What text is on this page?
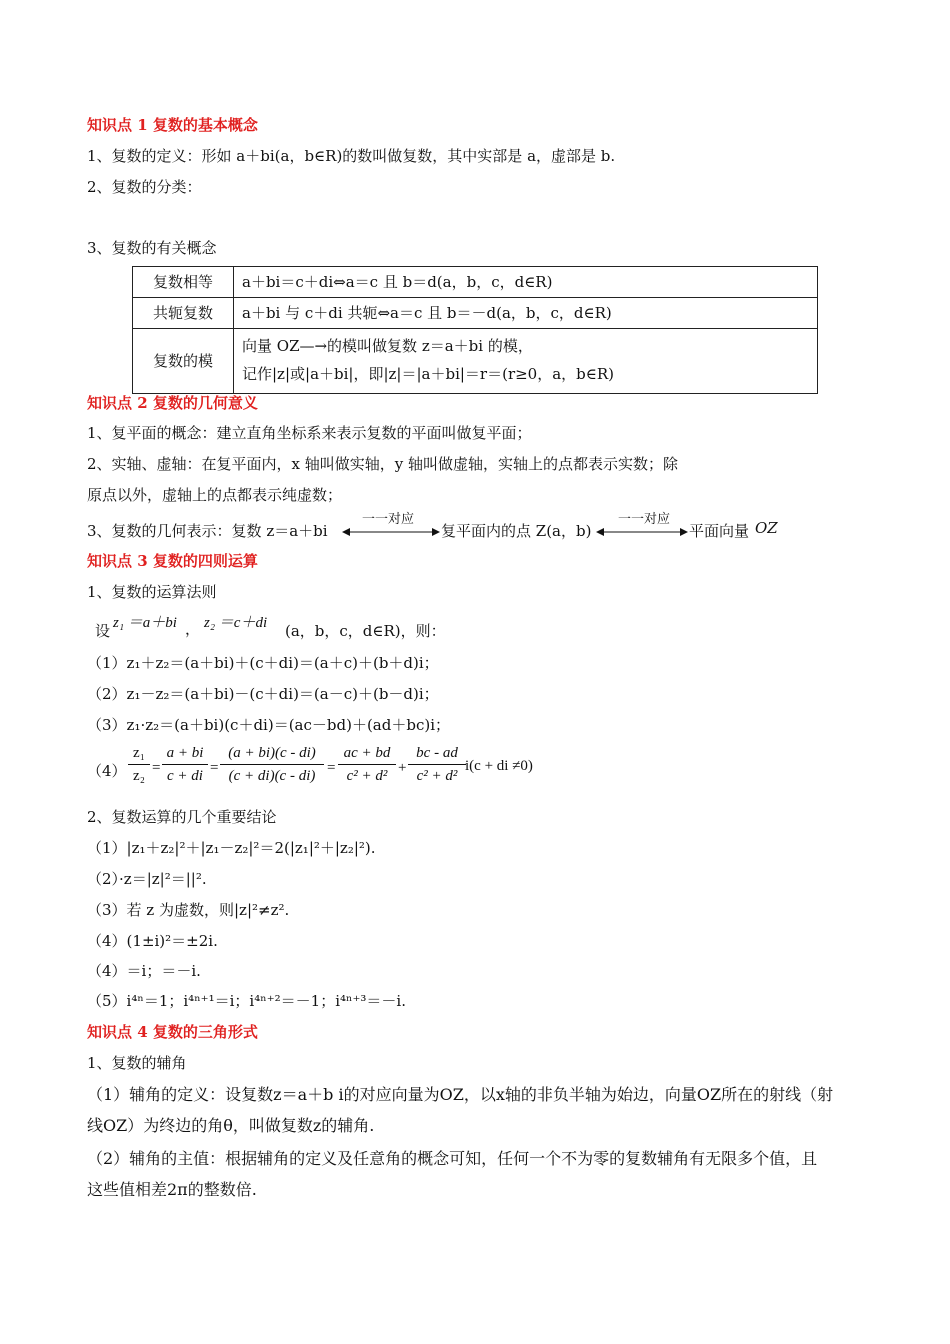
知识点 1 复数的基本概念
1、复数的定义：形如 a＋bi(a，b∈R)的数叫做复数，其中实部是 a，虚部是 b.
2、复数的分类：
3、复数的有关概念
复数相等	a＋bi＝c＋di⇔a＝c 且 b＝d(a，b，c，d∈R)
共轭复数	a＋bi 与 c＋di 共轭⇔a＝c 且 b＝－d(a，b，c，d∈R)
复数的模	向量 OZ—→的模叫做复数 z＝a＋bi 的模，
记作|z|或|a＋bi|，即|z|＝|a＋bi|＝r＝(r≥0，a，b∈R)
知识点 2 复数的几何意义
1、复平面的概念：建立直角坐标系来表示复数的平面叫做复平面；
2、实轴、虚轴：在复平面内，x 轴叫做实轴，y 轴叫做虚轴，实轴上的点都表示实数；除
原点以外，虚轴上的点都表示纯虚数；
3、复数的几何表示：复数 z＝a＋bi
一一对应
复平面内的点 Z(a，b)
一一对应
平面向量 OZ
知识点 3 复数的四则运算
1、复数的运算法则
设 z₁ ＝a＋bi ， z₂ ＝c＋di (a，b，c，d∈R)，则：
（1）z₁＋z₂＝(a＋bi)＋(c＋di)＝(a＋c)＋(b＋d)i；
（2）z₁－z₂＝(a＋bi)－(c＋di)＝(a－c)＋(b－d)i；
（3）z₁·z₂＝(a＋bi)(c＋di)＝(ac－bd)＋(ad＋bc)i；
（4）
z₁
z₂ =
a + bi
c + di =
(a + bi)(c - di)
(c + di)(c - di) =
ac + bd
c² + d² +
bc - ad
c² + d²
i(c + di ≠0)
2、复数运算的几个重要结论
（1）|z₁＋z₂|²＋|z₁－z₂|²＝2(|z₁|²＋|z₂|²).
（2）·z＝|z|²＝||².
（3）若 z 为虚数，则|z|²≠z².
（4）(1±i)²＝±2i.
（4）＝i；＝－i.
（5）i⁴ⁿ＝1；i⁴ⁿ⁺¹＝i；i⁴ⁿ⁺²＝－1；i⁴ⁿ⁺³＝－i.
知识点 4 复数的三角形式
1、复数的辅角
（1）辅角的定义：设复数z＝a＋b i的对应向量为OZ，以x轴的非负半轴为始边，向量OZ所在的射线（射
线OZ）为终边的角θ，叫做复数z的辅角.
（2）辅角的主值：根据辅角的定义及任意角的概念可知，任何一个不为零的复数辅角有无限多个值，且
这些值相差2π的整数倍.
